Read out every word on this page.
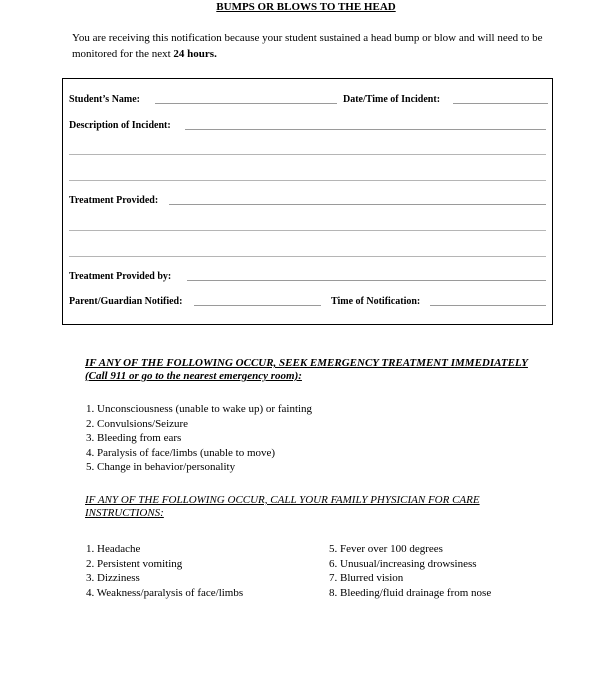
BUMPS OR BLOWS TO THE HEAD
You are receiving this notification because your student sustained a head bump or blow and will need to be monitored for the next 24 hours.
Student’s Name:	Date/Time of Incident:
Description of Incident:
Treatment Provided:
Treatment Provided by:
Parent/Guardian Notified:	Time of Notification:
IF ANY OF THE FOLLOWING OCCUR, SEEK EMERGENCY TREATMENT IMMEDIATELY (Call 911 or go to the nearest emergency room):
1. Unconsciousness (unable to wake up) or fainting
2. Convulsions/Seizure
3. Bleeding from ears
4. Paralysis of face/limbs (unable to move)
5. Change in behavior/personality
IF ANY OF THE FOLLOWING OCCUR, CALL YOUR FAMILY PHYSICIAN FOR CARE INSTRUCTIONS:
1. Headache
2. Persistent vomiting
3. Dizziness
4. Weakness/paralysis of face/limbs
5. Fever over 100 degrees
6. Unusual/increasing drowsiness
7. Blurred vision
8. Bleeding/fluid drainage from nose
